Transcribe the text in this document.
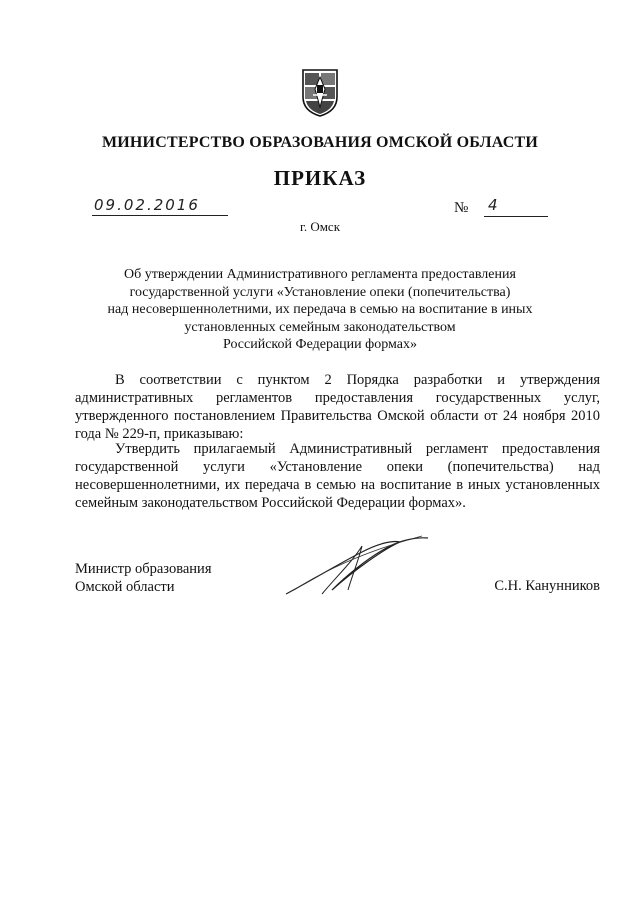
МИНИСТЕРСТВО ОБРАЗОВАНИЯ ОМСКОЙ ОБЛАСТИ
ПРИКАЗ
09.02.2016	№ 4
г. Омск
Об утверждении Административного регламента предоставления
государственной услуги «Установление опеки (попечительства)
над несовершеннолетними, их передача в семью на воспитание в иных
установленных семейным законодательством
Российской Федерации формах»
В соответствии с пунктом 2 Порядка разработки и утверждения административных регламентов предоставления государственных услуг, утвержденного постановлением Правительства Омской области от 24 ноября 2010 года № 229-п, приказываю:
Утвердить прилагаемый Административный регламент предоставления государственной услуги «Установление опеки (попечительства) над несовершеннолетними, их передача в семью на воспитание в иных установленных семейным законодательством Российской Федерации формах».
Министр образования
Омской области	С.Н. Канунников
